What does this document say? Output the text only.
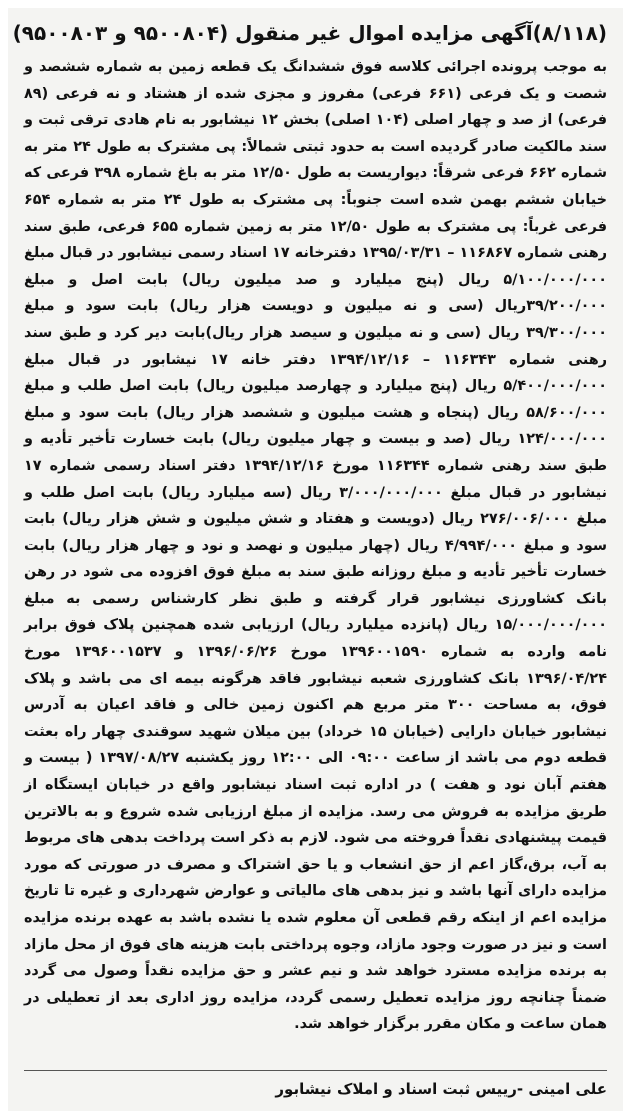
(۸/۱۱۸)آگهی مزایده اموال غیر منقول (۹۵۰۰۸۰۴ و ۹۵۰۰۸۰۳)

به موجب پرونده اجرائی کلاسه فوق ششدانگ یک قطعه زمین به شماره ششصد و شصت و یک فرعی (۶۶۱ فرعی) مفروز و مجزی شده از هشتاد و نه فرعی (۸۹ فرعی) از صد و چهار اصلی (۱۰۴ اصلی) بخش ۱۲ نیشابور به نام هادی ترقی ثبت و سند مالکیت صادر گردیده است به حدود ثبتی شمالاً: پی مشترک به طول ۲۴ متر به شماره ۶۶۲ فرعی شرقاً: دیواریست به طول ۱۲/۵۰ متر به باغ شماره ۳۹۸ فرعی که خیابان ششم بهمن شده است جنوباً: پی مشترک به طول ۲۴ متر به شماره ۶۵۴ فرعی غرباً: پی مشترک به طول ۱۲/۵۰ متر به زمین شماره ۶۵۵ فرعی، طبق سند رهنی شماره ۱۱۶۸۶۷ – ۱۳۹۵/۰۳/۳۱ دفترخانه ۱۷ اسناد رسمی نیشابور در قبال مبلغ ۵/۱۰۰/۰۰۰/۰۰۰ ریال (پنج میلیارد و صد میلیون ریال) بابت اصل و مبلغ ۳۹/۲۰۰/۰۰۰ریال (سی و نه میلیون و دویست هزار ریال) بابت سود و مبلغ ۳۹/۳۰۰/۰۰۰ ریال (سی و نه میلیون و سیصد هزار ریال)بابت دیر کرد و طبق سند رهنی شماره ۱۱۶۳۴۳ – ۱۳۹۴/۱۲/۱۶ دفتر خانه ۱۷ نیشابور در قبال مبلغ ۵/۴۰۰/۰۰۰/۰۰۰ ریال (پنج میلیارد و چهارصد میلیون ریال) بابت اصل طلب و مبلغ ۵۸/۶۰۰/۰۰۰ ریال (پنجاه و هشت میلیون و ششصد هزار ریال) بابت سود و مبلغ ۱۲۴/۰۰۰/۰۰۰ ریال (صد و بیست و چهار میلیون ریال) بابت خسارت تأخیر تأدیه و طبق سند رهنی شماره ۱۱۶۳۴۴ مورخ ۱۳۹۴/۱۲/۱۶ دفتر اسناد رسمی شماره ۱۷ نیشابور در قبال مبلغ ۳/۰۰۰/۰۰۰/۰۰۰ ریال (سه میلیارد ریال) بابت اصل طلب و مبلغ ۲۷۶/۰۰۶/۰۰۰ ریال (دویست و هفتاد و شش میلیون و شش هزار ریال) بابت سود و مبلغ ۴/۹۹۴/۰۰۰ ریال (چهار میلیون و نهصد و نود و چهار هزار ریال) بابت خسارت تأخیر تأدیه و مبلغ روزانه طبق سند به مبلغ فوق افزوده می شود در رهن بانک کشاورزی نیشابور قرار گرفته و طبق نظر کارشناس رسمی به مبلغ ۱۵/۰۰۰/۰۰۰/۰۰۰ ریال (پانزده میلیارد ریال) ارزیابی شده همچنین پلاک فوق برابر نامه وارده به شماره ۱۳۹۶۰۰۱۵۹۰ مورخ ۱۳۹۶/۰۶/۲۶ و ۱۳۹۶۰۰۱۵۳۷ مورخ ۱۳۹۶/۰۴/۲۴ بانک کشاورزی شعبه نیشابور فاقد هرگونه بیمه ای می باشد و پلاک فوق، به مساحت ۳۰۰ متر مربع هم اکنون زمین خالی و فاقد اعیان به آدرس نیشابور خیابان دارایی (خیابان ۱۵ خرداد) بین میلان شهید سوقندی چهار راه بعثت قطعه دوم می باشد از ساعت ۰۹:۰۰ الی ۱۲:۰۰ روز یکشنبه ۱۳۹۷/۰۸/۲۷ ( بیست و هفتم آبان نود و هفت ) در اداره ثبت اسناد نیشابور واقع در خیابان ایستگاه از طریق مزایده به فروش می رسد. مزایده از مبلغ ارزیابی شده شروع و به بالاترین قیمت پیشنهادی نقداً فروخته می شود. لازم به ذکر است پرداخت بدهی های مربوط به آب، برق،گاز اعم از حق انشعاب و یا حق اشتراک و مصرف در صورتی که مورد مزایده دارای آنها باشد و نیز بدهی های مالیاتی و عوارض شهرداری و غیره تا تاریخ مزایده اعم از اینکه رقم قطعی آن معلوم شده یا نشده باشد به عهده برنده مزایده است و نیز در صورت وجود مازاد، وجوه پرداختی بابت هزینه های فوق از محل مازاد به برنده مزایده مسترد خواهد شد و نیم عشر و حق مزایده نقداً وصول می گردد ضمناً چنانچه روز مزایده تعطیل رسمی گردد، مزایده روز اداری بعد از تعطیلی در همان ساعت و مکان مقرر برگزار خواهد شد.

علی امینی -رییس ثبت اسناد و املاک نیشابور
